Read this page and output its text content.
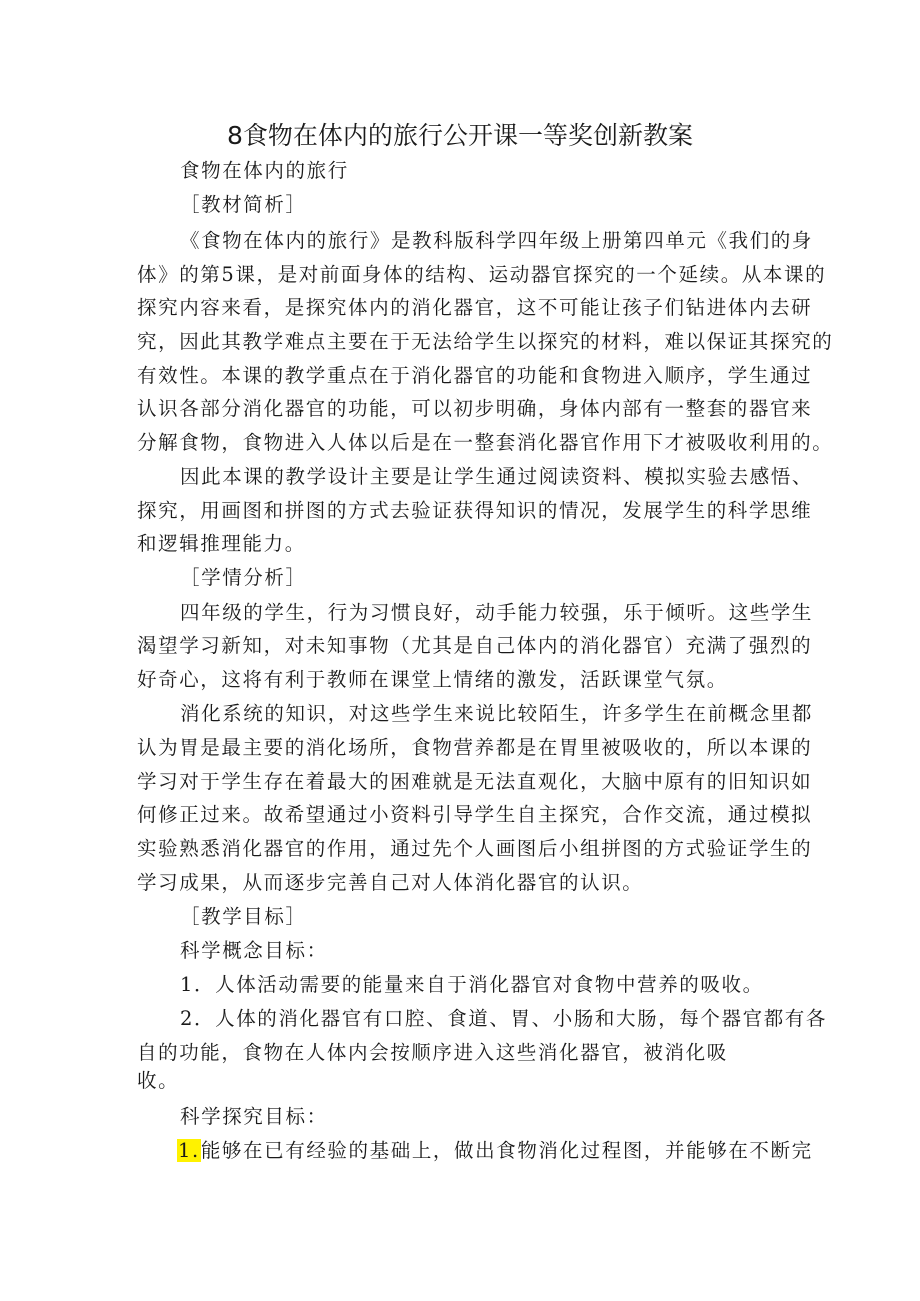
8食物在体内的旅行公开课一等奖创新教案
食物在体内的旅行
［教材简析］
《食物在体内的旅行》是教科版科学四年级上册第四单元《我们的身
体》的第5课，是对前面身体的结构、运动器官探究的一个延续。从本课的
探究内容来看，是探究体内的消化器官，这不可能让孩子们钻进体内去研
究，因此其教学难点主要在于无法给学生以探究的材料，难以保证其探究的
有效性。本课的教学重点在于消化器官的功能和食物进入顺序，学生通过
认识各部分消化器官的功能，可以初步明确，身体内部有一整套的器官来
分解食物，食物进入人体以后是在一整套消化器官作用下才被吸收利用的。
因此本课的教学设计主要是让学生通过阅读资料、模拟实验去感悟、
探究，用画图和拼图的方式去验证获得知识的情况，发展学生的科学思维
和逻辑推理能力。
［学情分析］
四年级的学生，行为习惯良好，动手能力较强，乐于倾听。这些学生
渴望学习新知，对未知事物（尤其是自己体内的消化器官）充满了强烈的
好奇心，这将有利于教师在课堂上情绪的激发，活跃课堂气氛。
消化系统的知识，对这些学生来说比较陌生，许多学生在前概念里都
认为胃是最主要的消化场所，食物营养都是在胃里被吸收的，所以本课的
学习对于学生存在着最大的困难就是无法直观化，大脑中原有的旧知识如
何修正过来。故希望通过小资料引导学生自主探究，合作交流，通过模拟
实验熟悉消化器官的作用，通过先个人画图后小组拼图的方式验证学生的
学习成果，从而逐步完善自己对人体消化器官的认识。
［教学目标］
科学概念目标：
1．人体活动需要的能量来自于消化器官对食物中营养的吸收。
2．人体的消化器官有口腔、食道、胃、小肠和大肠，每个器官都有各
自的功能，食物在人体内会按顺序进入这些消化器官，被消化吸
收。
科学探究目标：
1.能够在已有经验的基础上，做出食物消化过程图，并能够在不断完
